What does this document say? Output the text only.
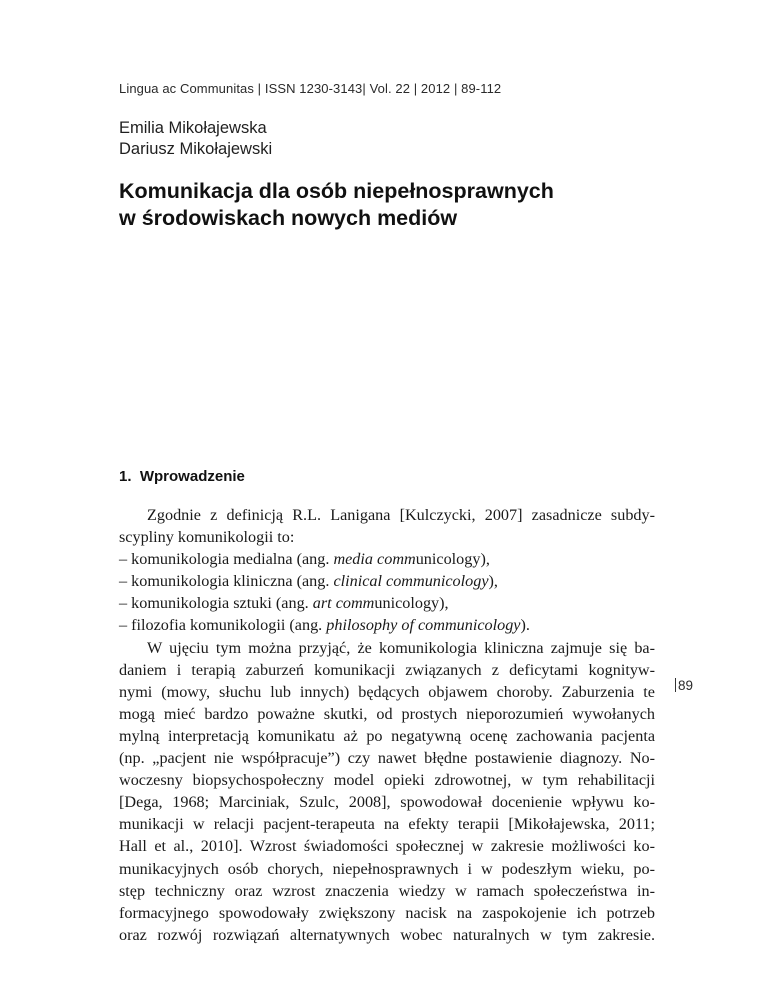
Lingua ac Communitas | ISSN 1230-3143| Vol. 22 | 2012 | 89-112
Emilia Mikołajewska
Dariusz Mikołajewski
Komunikacja dla osób niepełnosprawnych
w środowiskach nowych mediów
1. Wprowadzenie
Zgodnie z definicją R.L. Lanigana [Kulczycki, 2007] zasadnicze subdy-
scypliny komunikologii to:
– komunikologia medialna (ang. media communicology),
– komunikologia kliniczna (ang. clinical communicology),
– komunikologia sztuki (ang. art communicology),
– filozofia komunikologii (ang. philosophy of communicology).
W ujęciu tym można przyjąć, że komunikologia kliniczna zajmuje się ba-
daniem i terapią zaburzeń komunikacji związanych z deficytami kognityw-
nymi (mowy, słuchu lub innych) będących objawem choroby. Zaburzenia te
mogą mieć bardzo poważne skutki, od prostych nieporozumień wywołanych
mylną interpretacją komunikatu aż po negatywną ocenę zachowania pacjenta
(np. „pacjent nie współpracuje”) czy nawet błędne postawienie diagnozy. No-
woczesny biopsychospołeczny model opieki zdrowotnej, w tym rehabilitacji
[Dega, 1968; Marciniak, Szulc, 2008], spowodował docenienie wpływu ko-
munikacji w relacji pacjent-terapeuta na efekty terapii [Mikołajewska, 2011;
Hall et al., 2010]. Wzrost świadomości społecznej w zakresie możliwości ko-
munikacyjnych osób chorych, niepełnosprawnych i w podeszłym wieku, po-
stęp techniczny oraz wzrost znaczenia wiedzy w ramach społeczeństwa in-
formacyjnego spowodowały zwiększony nacisk na zaspokojenie ich potrzeb
oraz rozwój rozwiązań alternatywnych wobec naturalnych w tym zakresie.
89
